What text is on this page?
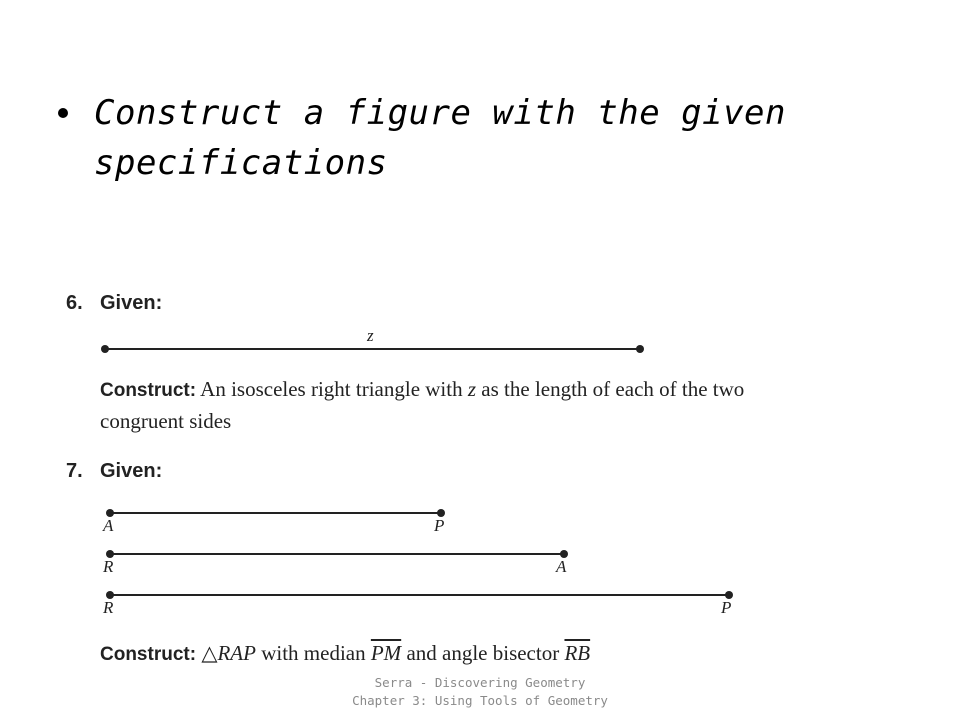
Construct a figure with the given specifications
6. Given:
z
Construct: An isosceles right triangle with z as the length of each of the two
congruent sides
7. Given:
A	P
R	A
R	P
Construct: △RAP with median $\overline{PM}$ and angle bisector $\overline{RB}$
Serra - Discovering Geometry
Chapter 3: Using Tools of Geometry
